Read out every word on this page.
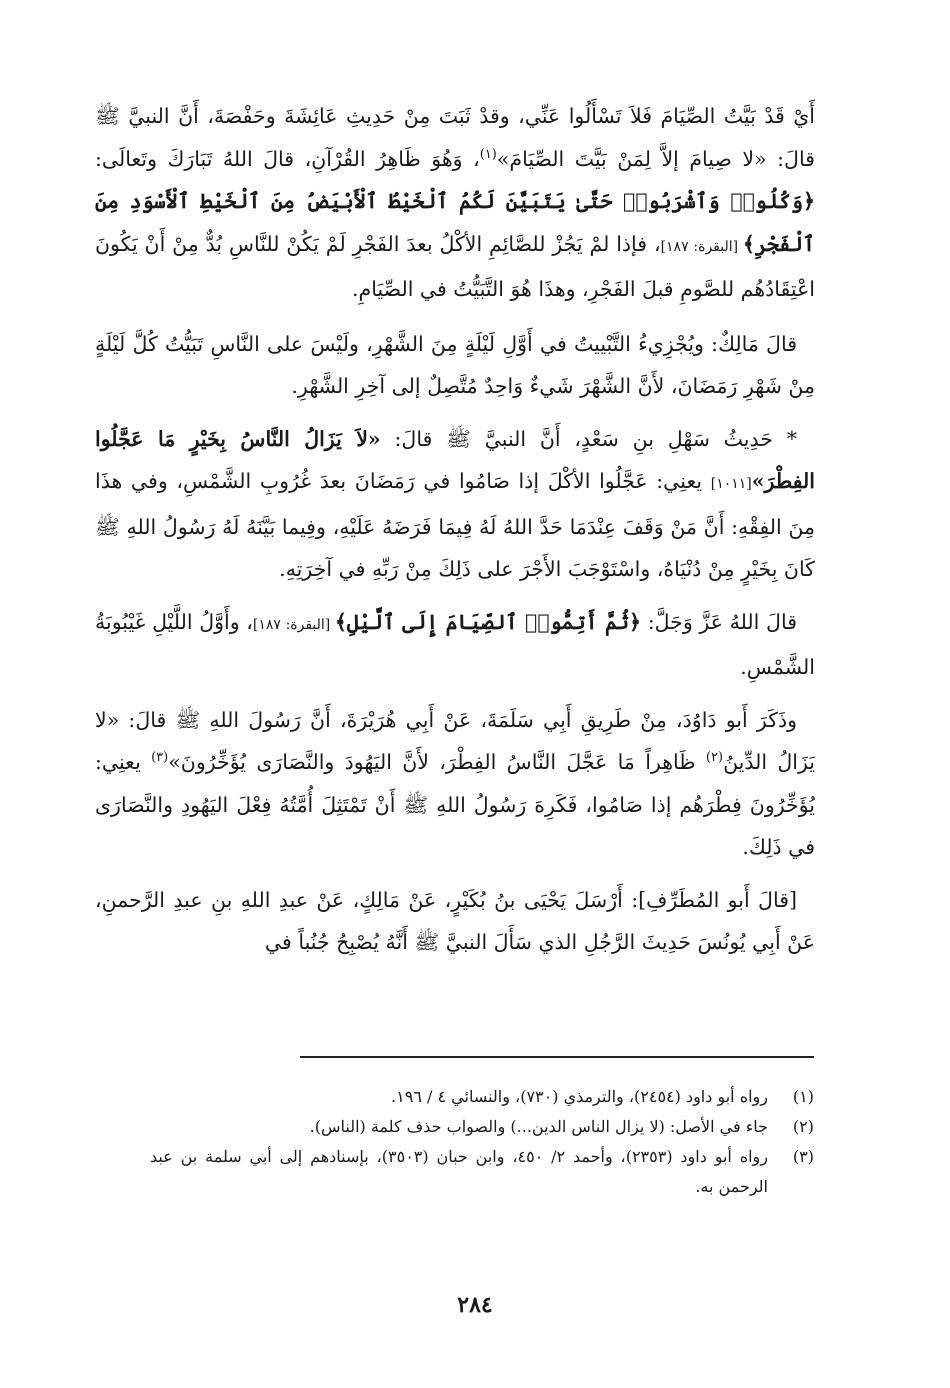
أَيْ قَدْ بَيَّتُ الصِّيَامَ فَلاَ تَسْأَلُوا عَنِّي، وقدْ ثَبَتَ مِنْ حَدِيثِ عَائِشَةَ وحَفْصَةَ، أَنَّ النبيَّ ﷺ قالَ: «لا صِيامَ إلاَّ لِمَنْ بَيَّتَ الصِّيَامَ»$^{(١)}$، وَهُوَ ظَاهِرُ القُرْآنِ، قالَ اللهُ تَبَارَكَ وتَعالَى: ﴿وَكُلُوا۟ وَٱشْرَبُوا۟ حَتَّىٰ يَتَبَيَّنَ لَكُمُ ٱلْخَيْطُ ٱلْأَبْيَضُ مِنَ ٱلْخَيْطِ ٱلْأَسْوَدِ مِنَ ٱلْفَجْرِ﴾ [البقرة: ١٨٧]، فإذا لمْ يَجُزْ للصَّائِمِ الأكْلُ بعدَ الفَجْرِ لَمْ يَكُنْ للنَّاسِ بُدٌّ مِنْ أَنْ يَكُونَ اعْتِقَادُهُم للصَّومِ قبلَ الفَجْرِ، وهذَا هُوَ التَّبَيُّتُ في الصِّيَامِ.

قالَ مَالِكٌ: ويُجْزِيءُ التَّبْييتُ في أَوَّلِ لَيْلَةٍ مِنَ الشَّهْرِ، ولَيْسَ على النَّاسِ تَبَيُّتُ كُلَّ لَيْلَةٍ مِنْ شَهْرِ رَمَضَانَ، لأَنَّ الشَّهْرَ شَيءٌ وَاحِدٌ مُتَّصِلٌ إلى آخِرِ الشَّهْرِ.

* حَدِيثُ سَهْلِ بنِ سَعْدٍ، أَنَّ النبيَّ ﷺ قالَ: «لاَ يَزَالُ النَّاسُ بِخَيْرٍ مَا عَجَّلُوا الفِطْرَ»[١٠١١] يعنِي: عَجَّلُوا الأكْلَ إذا صَامُوا في رَمَضَانَ بعدَ غُرُوبِ الشَّمْسِ، وفي هذَا مِنَ الفِقْهِ: أَنَّ مَنْ وَقَفَ عِنْدَمَا حَدَّ اللهُ لَهُ فِيمَا فَرَضَهُ عَلَيْهِ، وفِيما بَيَّنَهُ لَهُ رَسُولُ اللهِ ﷺ كَانَ بِخَيْرٍ مِنْ دُنْيَاهُ، واسْتَوْجَبَ الأَجْرَ على ذَلِكَ مِنْ رَبِّهِ في آخِرَتِهِ.

قالَ اللهُ عَزَّ وَجَلَّ: ﴿ثُمَّ أَتِمُّوا۟ ٱلصِّيَامَ إِلَى ٱلَّيْلِ﴾ [البقرة: ١٨٧]، وأَوَّلُ اللَّيْلِ غَيْبُوبَةُ الشَّمْسِ.

وذَكَرَ أَبو دَاوُدَ، مِنْ طَرِيقِ أَبِي سَلَمَةَ، عَنْ أَبِي هُرَيْرَةَ، أَنَّ رَسُولَ اللهِ ﷺ قالَ: «لا يَزَالُ الدِّينُ$^{(٢)}$ ظَاهِراً مَا عَجَّلَ النَّاسُ الفِطْرَ، لأَنَّ اليَهُودَ والنَّصَارَى يُؤَخِّرُونَ»$^{(٣)}$ يعنِي: يُؤَخِّرُونَ فِطْرَهُم إذا صَامُوا، فَكَرِهَ رَسُولُ اللهِ ﷺ أَنْ تَمْتَثِلَ أُمَّتُهُ فِعْلَ اليَهُودِ والنَّصَارَى في ذَلِكَ.

[قالَ أَبو المُطَرِّفِ]: أَرْسَلَ يَحْيَى بنُ بُكَيْرٍ، عَنْ مَالِكٍ، عَنْ عبدِ اللهِ بنِ عبدِ الرَّحمنِ، عَنْ أَبِي يُونُسَ حَدِيثَ الرَّجُلِ الذي سَأَلَ النبيَّ ﷺ أَنَّهُ يُصْبِحُ جُنُباً في

(١)
رواه أبو داود (٢٤٥٤)، والترمذي (٧٣٠)، والنسائي ٤ / ١٩٦.
(٢)
جاء في الأصل: (لا يزال الناس الدين...) والصواب حذف كلمة (الناس).
(٣)
رواه أبو داود (٢٣٥٣)، وأحمد ٢/ ٤٥٠، وابن حبان (٣٥٠٣)، بإسنادهم إلى أبي سلمة بن عبد الرحمن به.
٢٨٤
